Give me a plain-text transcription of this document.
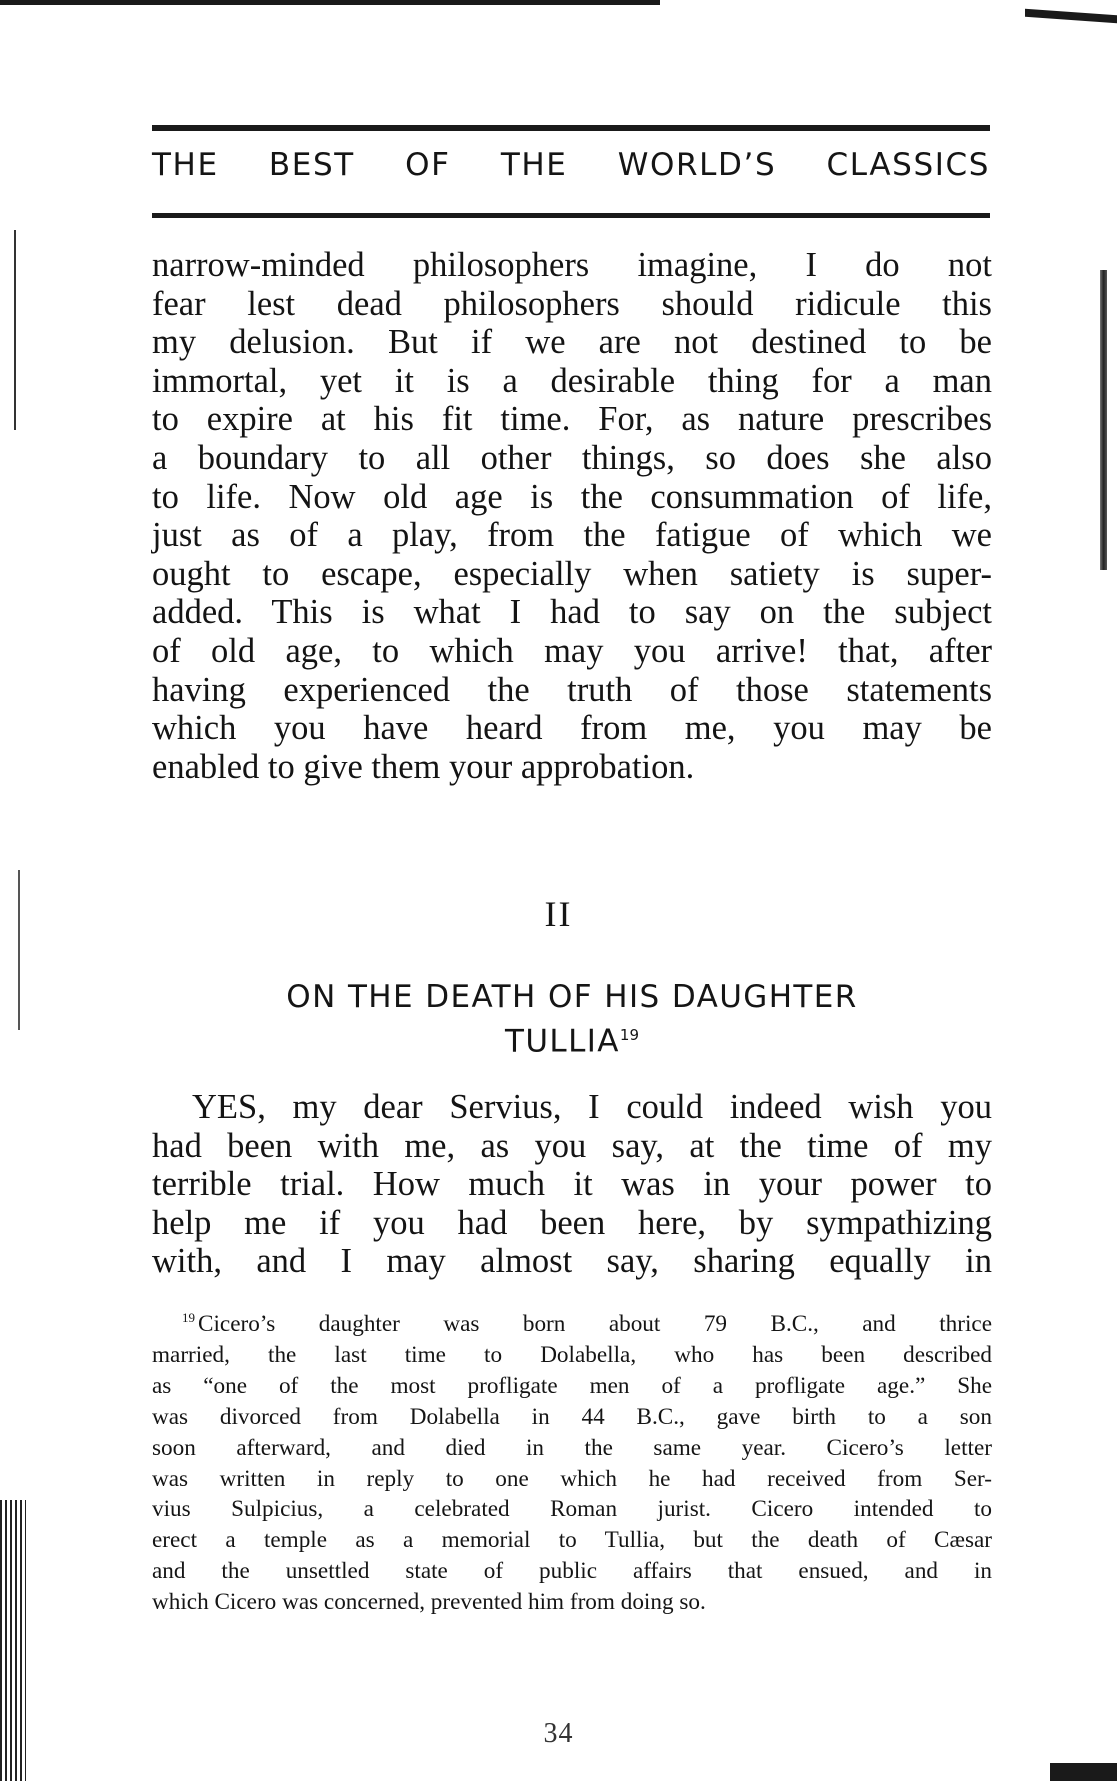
THE BEST OF THE WORLD’S CLASSICS
narrow-minded philosophers imagine, I do not
fear lest dead philosophers should ridicule this
my delusion. But if we are not destined to be
immortal, yet it is a desirable thing for a man
to expire at his fit time. For, as nature prescribes
a boundary to all other things, so does she also
to life. Now old age is the consummation of life,
just as of a play, from the fatigue of which we
ought to escape, especially when satiety is super-
added. This is what I had to say on the subject
of old age, to which may you arrive! that, after
having experienced the truth of those statements
which you have heard from me, you may be
enabled to give them your approbation.
II
ON THE DEATH OF HIS DAUGHTER
TULLIA$^{19}$
YES, my dear Servius, I could indeed wish you
had been with me, as you say, at the time of my
terrible trial. How much it was in your power to
help me if you had been here, by sympathizing
with, and I may almost say, sharing equally in
19 Cicero’s daughter was born about 79 B.C., and thrice
married, the last time to Dolabella, who has been described
as “one of the most profligate men of a profligate age.” She
was divorced from Dolabella in 44 B.C., gave birth to a son
soon afterward, and died in the same year. Cicero’s letter
was written in reply to one which he had received from Ser-
vius Sulpicius, a celebrated Roman jurist. Cicero intended to
erect a temple as a memorial to Tullia, but the death of Cæsar
and the unsettled state of public affairs that ensued, and in
which Cicero was concerned, prevented him from doing so.
34
